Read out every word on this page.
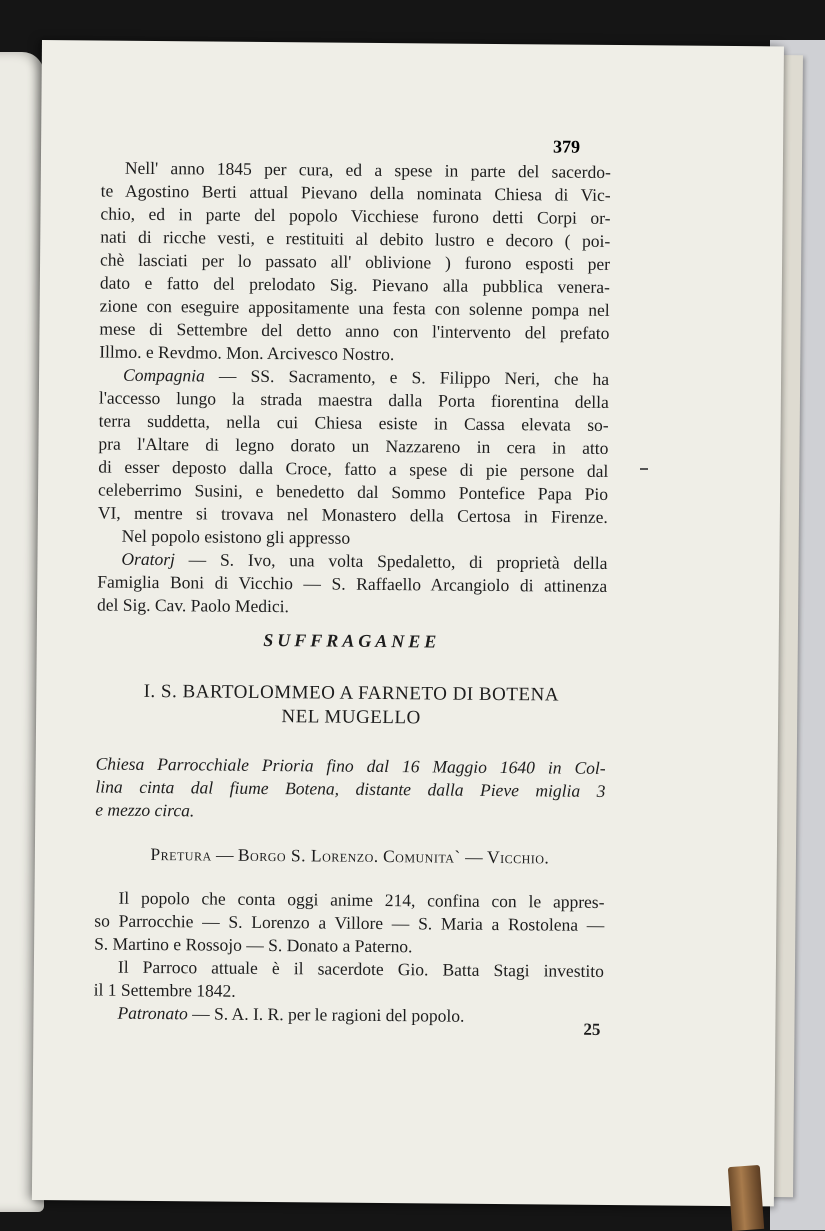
379
Nell' anno 1845 per cura, ed a spese in parte del sacerdo-
te Agostino Berti attual Pievano della nominata Chiesa di Vic-
chio, ed in parte del popolo Vicchiese furono detti Corpi or-
nati di ricche vesti, e restituiti al debito lustro e decoro ( poi-
chè lasciati per lo passato all' oblivione ) furono esposti per
dato e fatto del prelodato Sig. Pievano alla pubblica venera-
zione con eseguire appositamente una festa con solenne pompa nel
mese di Settembre del detto anno con l'intervento del prefato
Illmo. e Revdmo. Mon. Arcivesco Nostro.
Compagnia — SS. Sacramento, e S. Filippo Neri, che ha
l'accesso lungo la strada maestra dalla Porta fiorentina della
terra suddetta, nella cui Chiesa esiste in Cassa elevata so-
pra l'Altare di legno dorato un Nazzareno in cera in atto
di esser deposto dalla Croce, fatto a spese di pie persone dal
celeberrimo Susini, e benedetto dal Sommo Pontefice Papa Pio
VI, mentre si trovava nel Monastero della Certosa in Firenze.
Nel popolo esistono gli appresso
Oratorj — S. Ivo, una volta Spedaletto, di proprietà della
Famiglia Boni di Vicchio — S. Raffaello Arcangiolo di attinenza
del Sig. Cav. Paolo Medici.
SUFFRAGANEE
I. S. BARTOLOMMEO A FARNETO DI BOTENA
NEL MUGELLO
Chiesa Parrocchiale Prioria fino dal 16 Maggio 1640 in Col-
lina cinta dal fiume Botena, distante dalla Pieve miglia 3
e mezzo circa.
Pretura — Borgo S. Lorenzo. Comunita` — Vicchio.
Il popolo che conta oggi anime 214, confina con le appres-
so Parrocchie — S. Lorenzo a Villore — S. Maria a Rostolena —
S. Martino e Rossojo — S. Donato a Paterno.
Il Parroco attuale è il sacerdote Gio. Batta Stagi investito
il 1 Settembre 1842.
Patronato — S. A. I. R. per le ragioni del popolo.
25
